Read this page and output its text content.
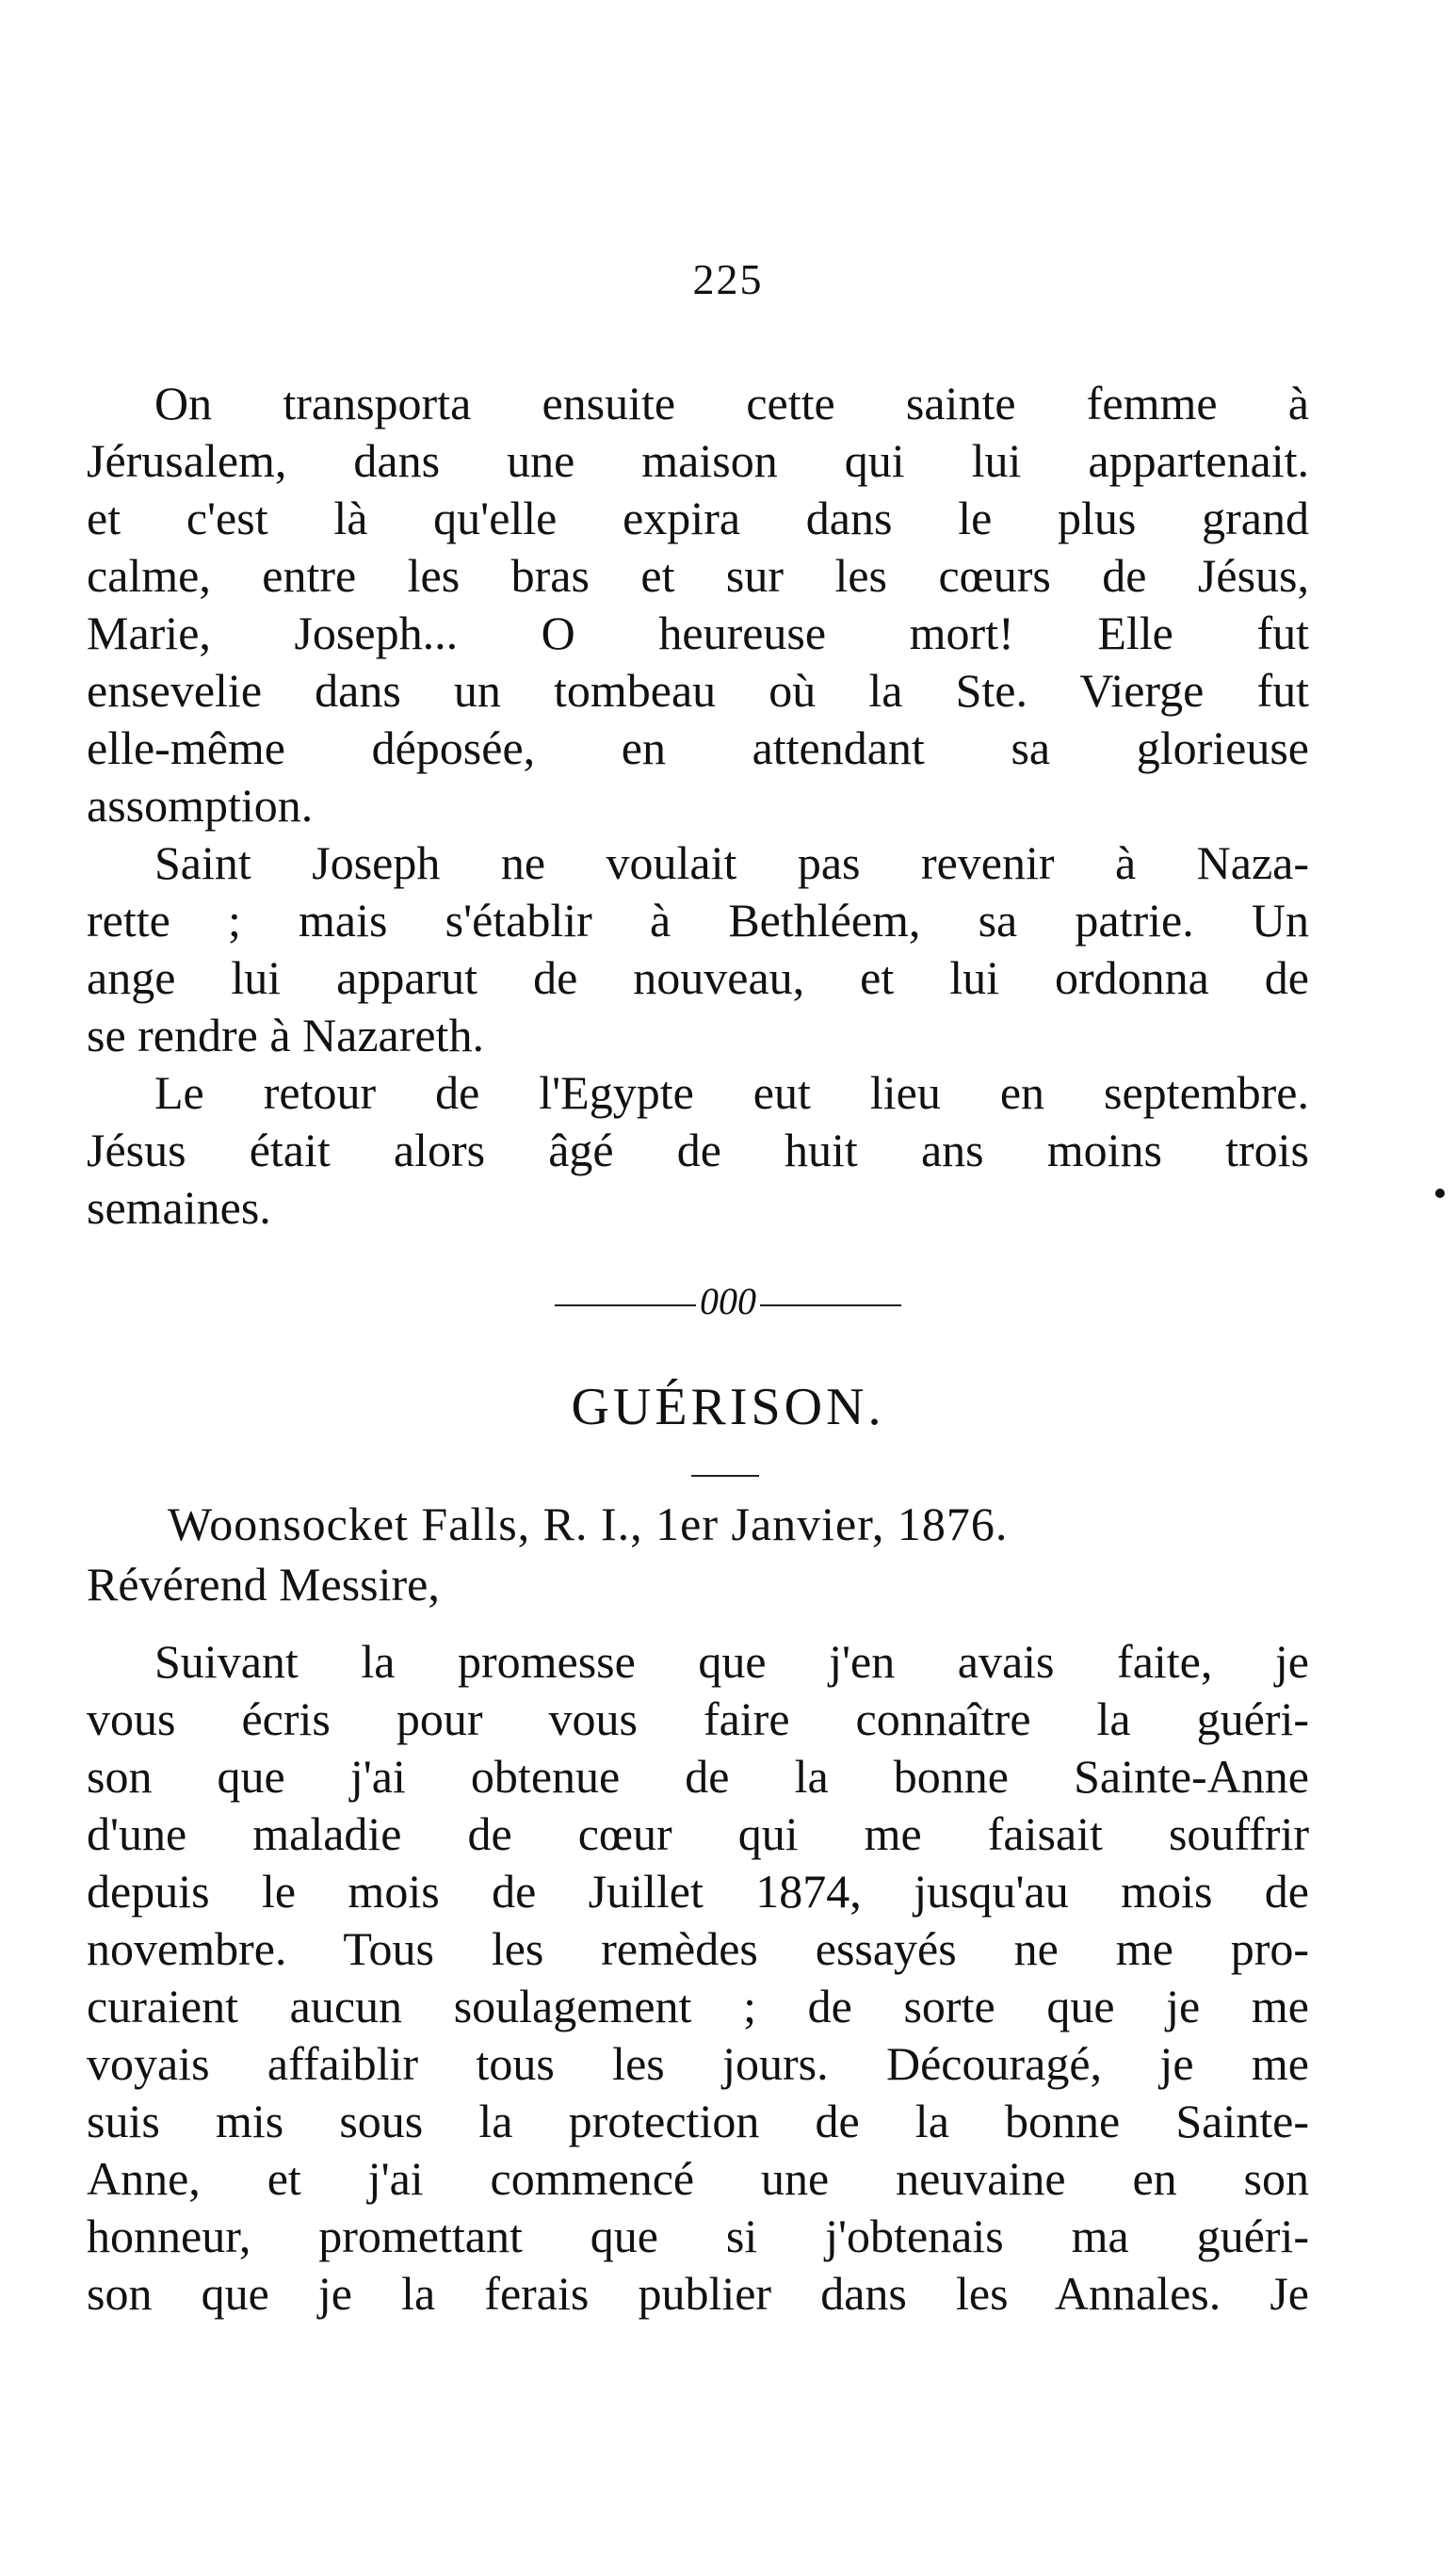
225
On transporta ensuite cette sainte femme à
Jérusalem, dans une maison qui lui appartenait.
et c'est là qu'elle expira dans le plus grand
calme, entre les bras et sur les cœurs de Jésus,
Marie, Joseph... O heureuse mort! Elle fut
ensevelie dans un tombeau où la Ste. Vierge fut
elle-même déposée, en attendant sa glorieuse
assomption.
Saint Joseph ne voulait pas revenir à Naza-
rette ; mais s'établir à Bethléem, sa patrie. Un
ange lui apparut de nouveau, et lui ordonna de
se rendre à Nazareth.
Le retour de l'Egypte eut lieu en septembre.
Jésus était alors âgé de huit ans moins trois
semaines.
000
GUÉRISON.
Woonsocket Falls, R. I., 1er Janvier, 1876.
Révérend Messire,
Suivant la promesse que j'en avais faite, je
vous écris pour vous faire connaître la guéri-
son que j'ai obtenue de la bonne Sainte-Anne
d'une maladie de cœur qui me faisait souffrir
depuis le mois de Juillet 1874, jusqu'au mois de
novembre. Tous les remèdes essayés ne me pro-
curaient aucun soulagement ; de sorte que je me
voyais affaiblir tous les jours. Découragé, je me
suis mis sous la protection de la bonne Sainte-
Anne, et j'ai commencé une neuvaine en son
honneur, promettant que si j'obtenais ma guéri-
son que je la ferais publier dans les Annales. Je
